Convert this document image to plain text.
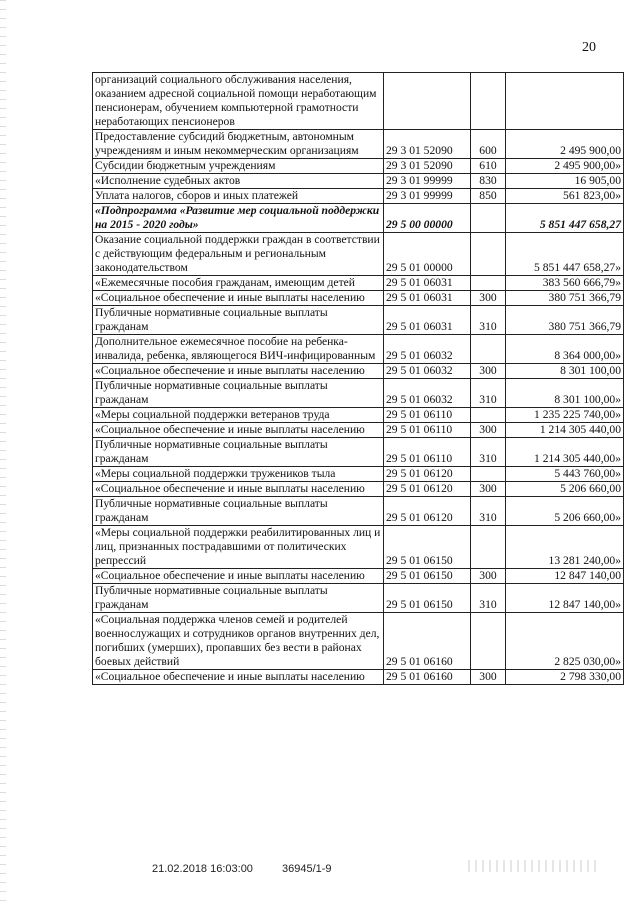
20
организаций социального обслуживания населения, оказанием адресной социальной помощи неработающим пенсионерам, обучением компьютерной грамотности неработающих пенсионеров			
Предоставление субсидий бюджетным, автономным учреждениям и иным некоммерческим организациям	29 3 01 52090	600	2 495 900,00
Субсидии бюджетным учреждениям	29 3 01 52090	610	2 495 900,00»
«Исполнение судебных актов	29 3 01 99999	830	16 905,00
Уплата налогов, сборов и иных платежей	29 3 01 99999	850	561 823,00»
«Подпрограмма «Развитие мер социальной поддержки на 2015 - 2020 годы»	29 5 00 00000		5 851 447 658,27
Оказание социальной поддержки граждан в соответствии с действующим федеральным и региональным законодательством	29 5 01 00000		5 851 447 658,27»
«Ежемесячные пособия гражданам, имеющим детей	29 5 01 06031		383 560 666,79»
«Социальное обеспечение и иные выплаты населению	29 5 01 06031	300	380 751 366,79
Публичные нормативные социальные выплаты гражданам	29 5 01 06031	310	380 751 366,79
Дополнительное ежемесячное пособие на ребенка-инвалида, ребенка, являющегося ВИЧ-инфицированным	29 5 01 06032		8 364 000,00»
«Социальное обеспечение и иные выплаты населению	29 5 01 06032	300	8 301 100,00
Публичные нормативные социальные выплаты гражданам	29 5 01 06032	310	8 301 100,00»
«Меры социальной поддержки ветеранов труда	29 5 01 06110		1 235 225 740,00»
«Социальное обеспечение и иные выплаты населению	29 5 01 06110	300	1 214 305 440,00
Публичные нормативные социальные выплаты гражданам	29 5 01 06110	310	1 214 305 440,00»
«Меры социальной поддержки тружеников тыла	29 5 01 06120		5 443 760,00»
«Социальное обеспечение и иные выплаты населению	29 5 01 06120	300	5 206 660,00
Публичные нормативные социальные выплаты гражданам	29 5 01 06120	310	5 206 660,00»
«Меры социальной поддержки реабилитированных лиц и лиц, признанных пострадавшими от политических репрессий	29 5 01 06150		13 281 240,00»
«Социальное обеспечение и иные выплаты населению	29 5 01 06150	300	12 847 140,00
Публичные нормативные социальные выплаты гражданам	29 5 01 06150	310	12 847 140,00»
«Социальная поддержка членов семей и родителей военнослужащих и сотрудников органов внутренних дел, погибших (умерших), пропавших без вести в районах боевых действий	29 5 01 06160		2 825 030,00»
«Социальное обеспечение и иные выплаты населению	29 5 01 06160	300	2 798 330,00
21.02.2018 16:03:00	36945/1-9
